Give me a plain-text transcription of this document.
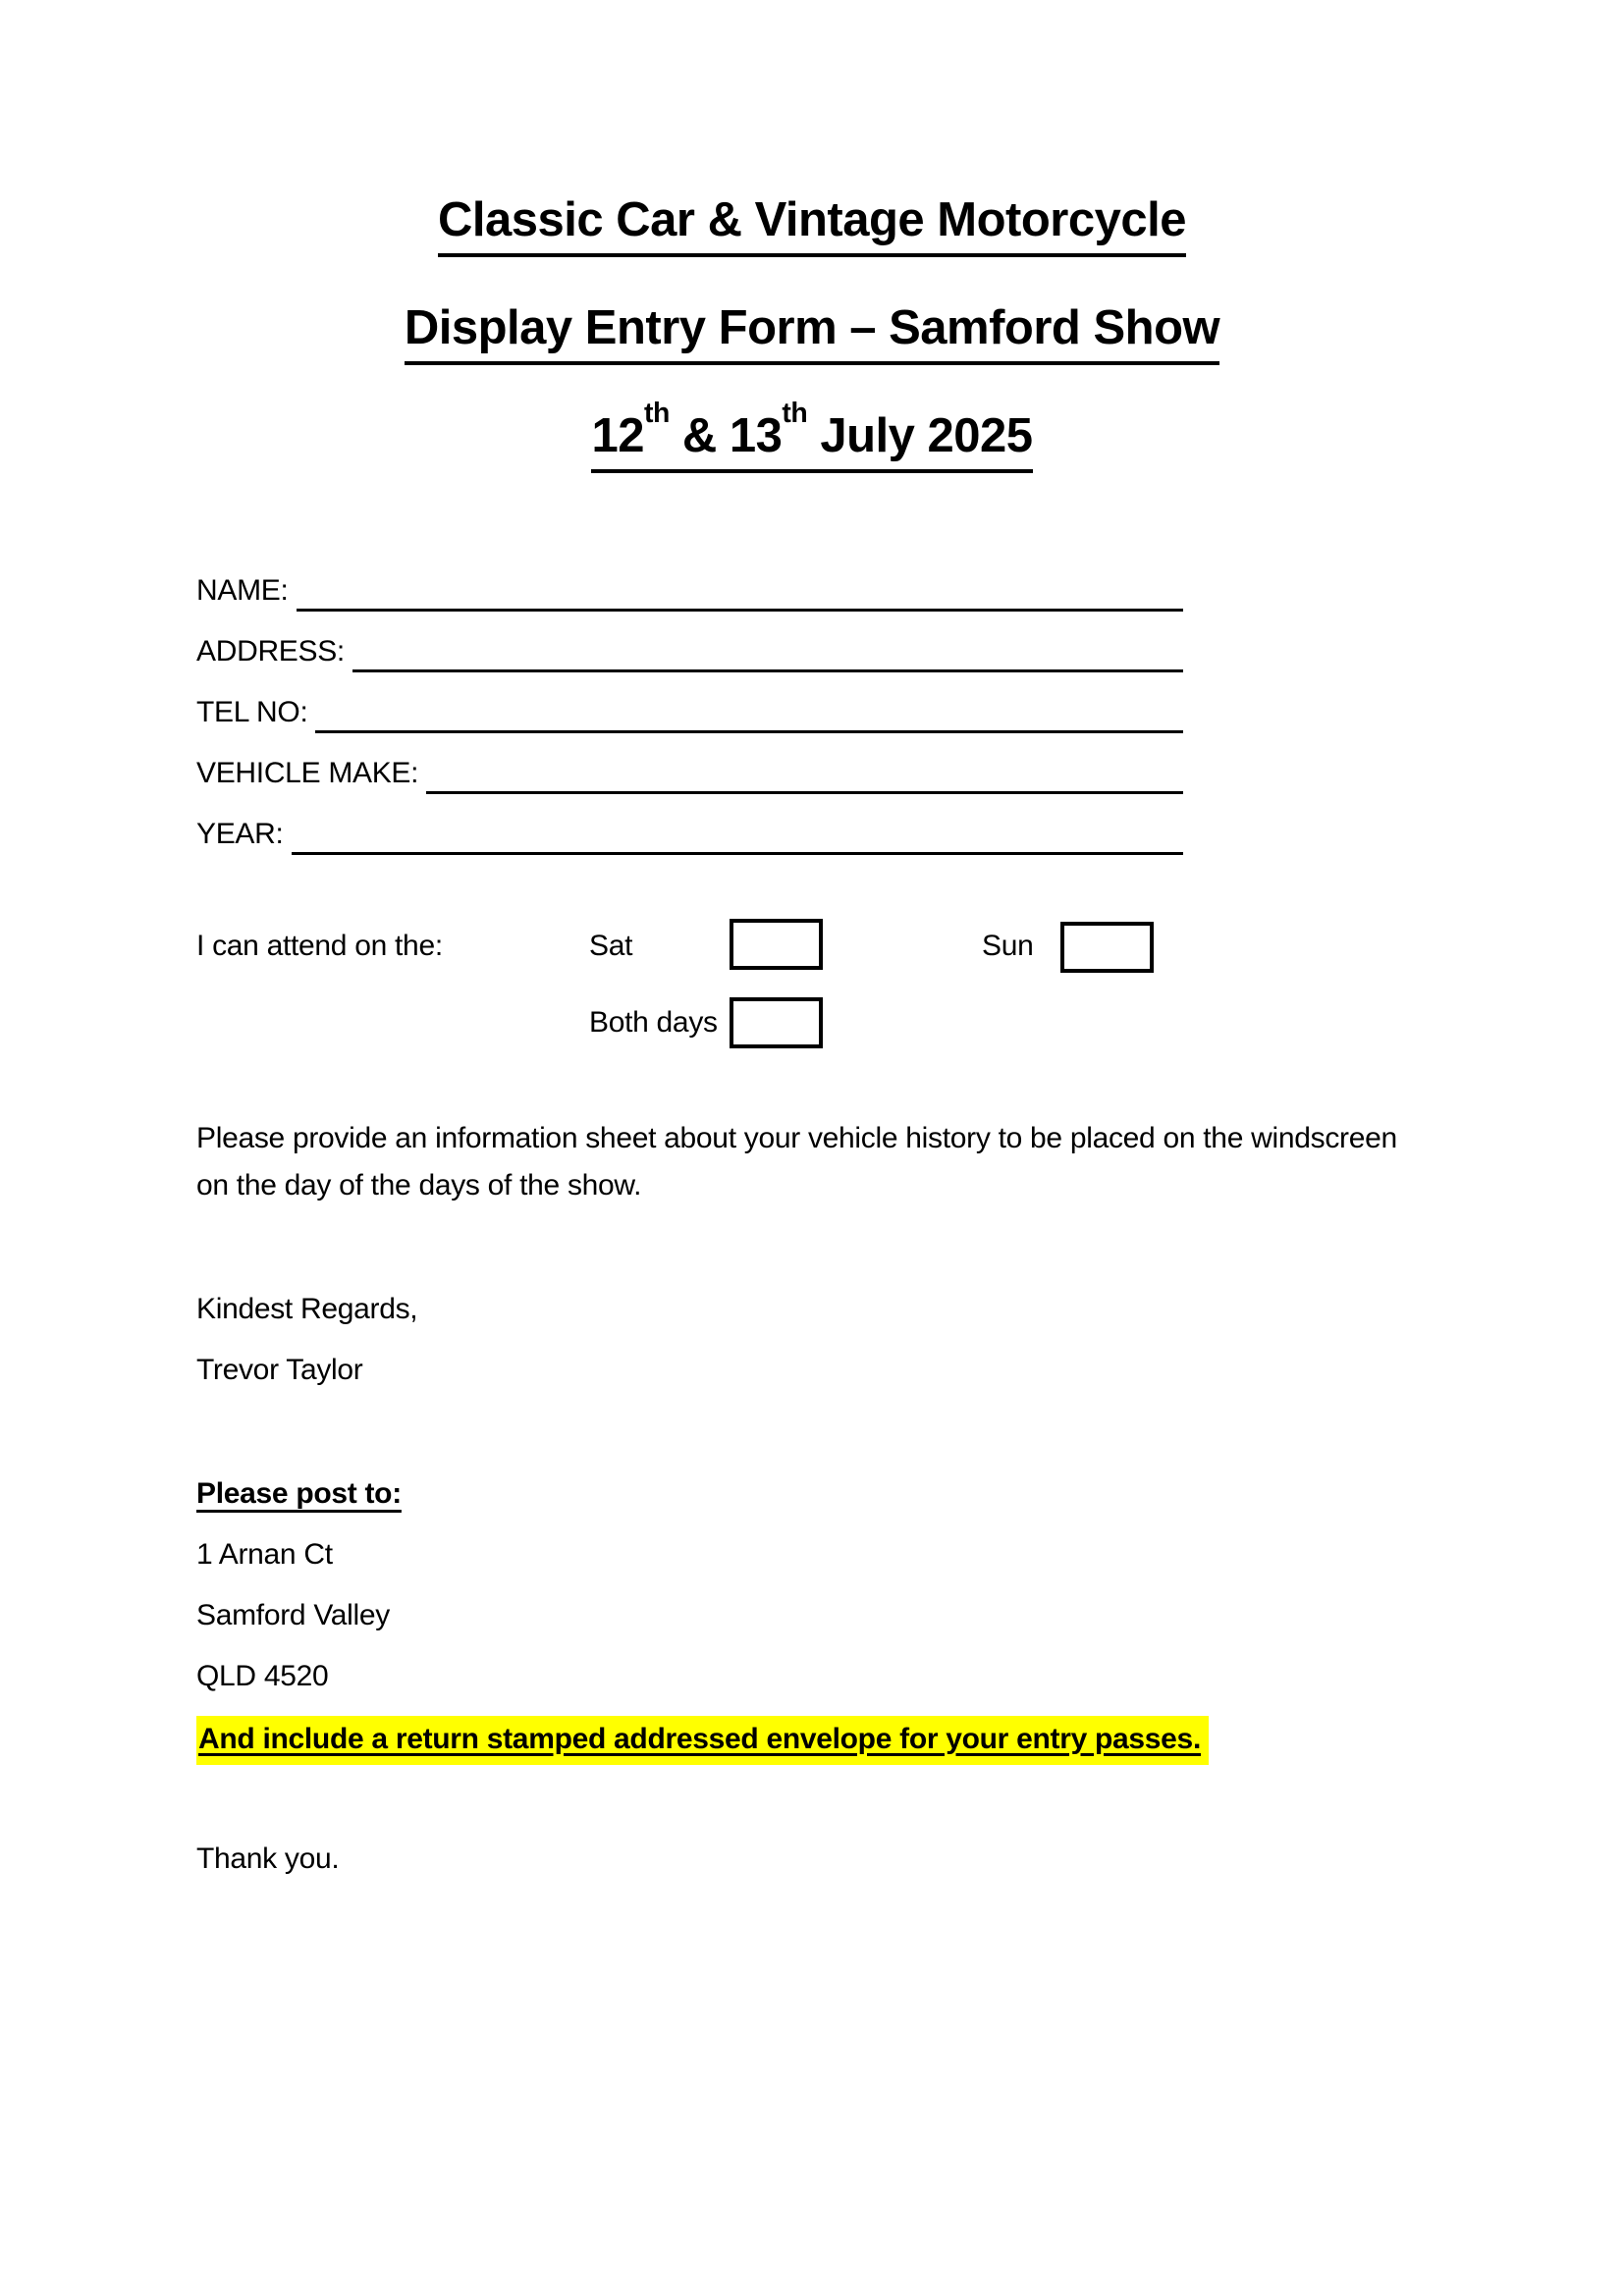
Classic Car & Vintage Motorcycle
Display Entry Form – Samford Show
12th & 13th July 2025
NAME:
ADDRESS:
TEL NO:
VEHICLE MAKE:
YEAR:
I can attend on the:	Sat	Sun
Both days

Please provide an information sheet about your vehicle history to be placed on the windscreen on the day of the days of the show.

Kindest Regards,

Trevor Taylor

Please post to:

1 Arnan Ct

Samford Valley

QLD 4520

And include a return stamped addressed envelope for your entry passes.

Thank you.
